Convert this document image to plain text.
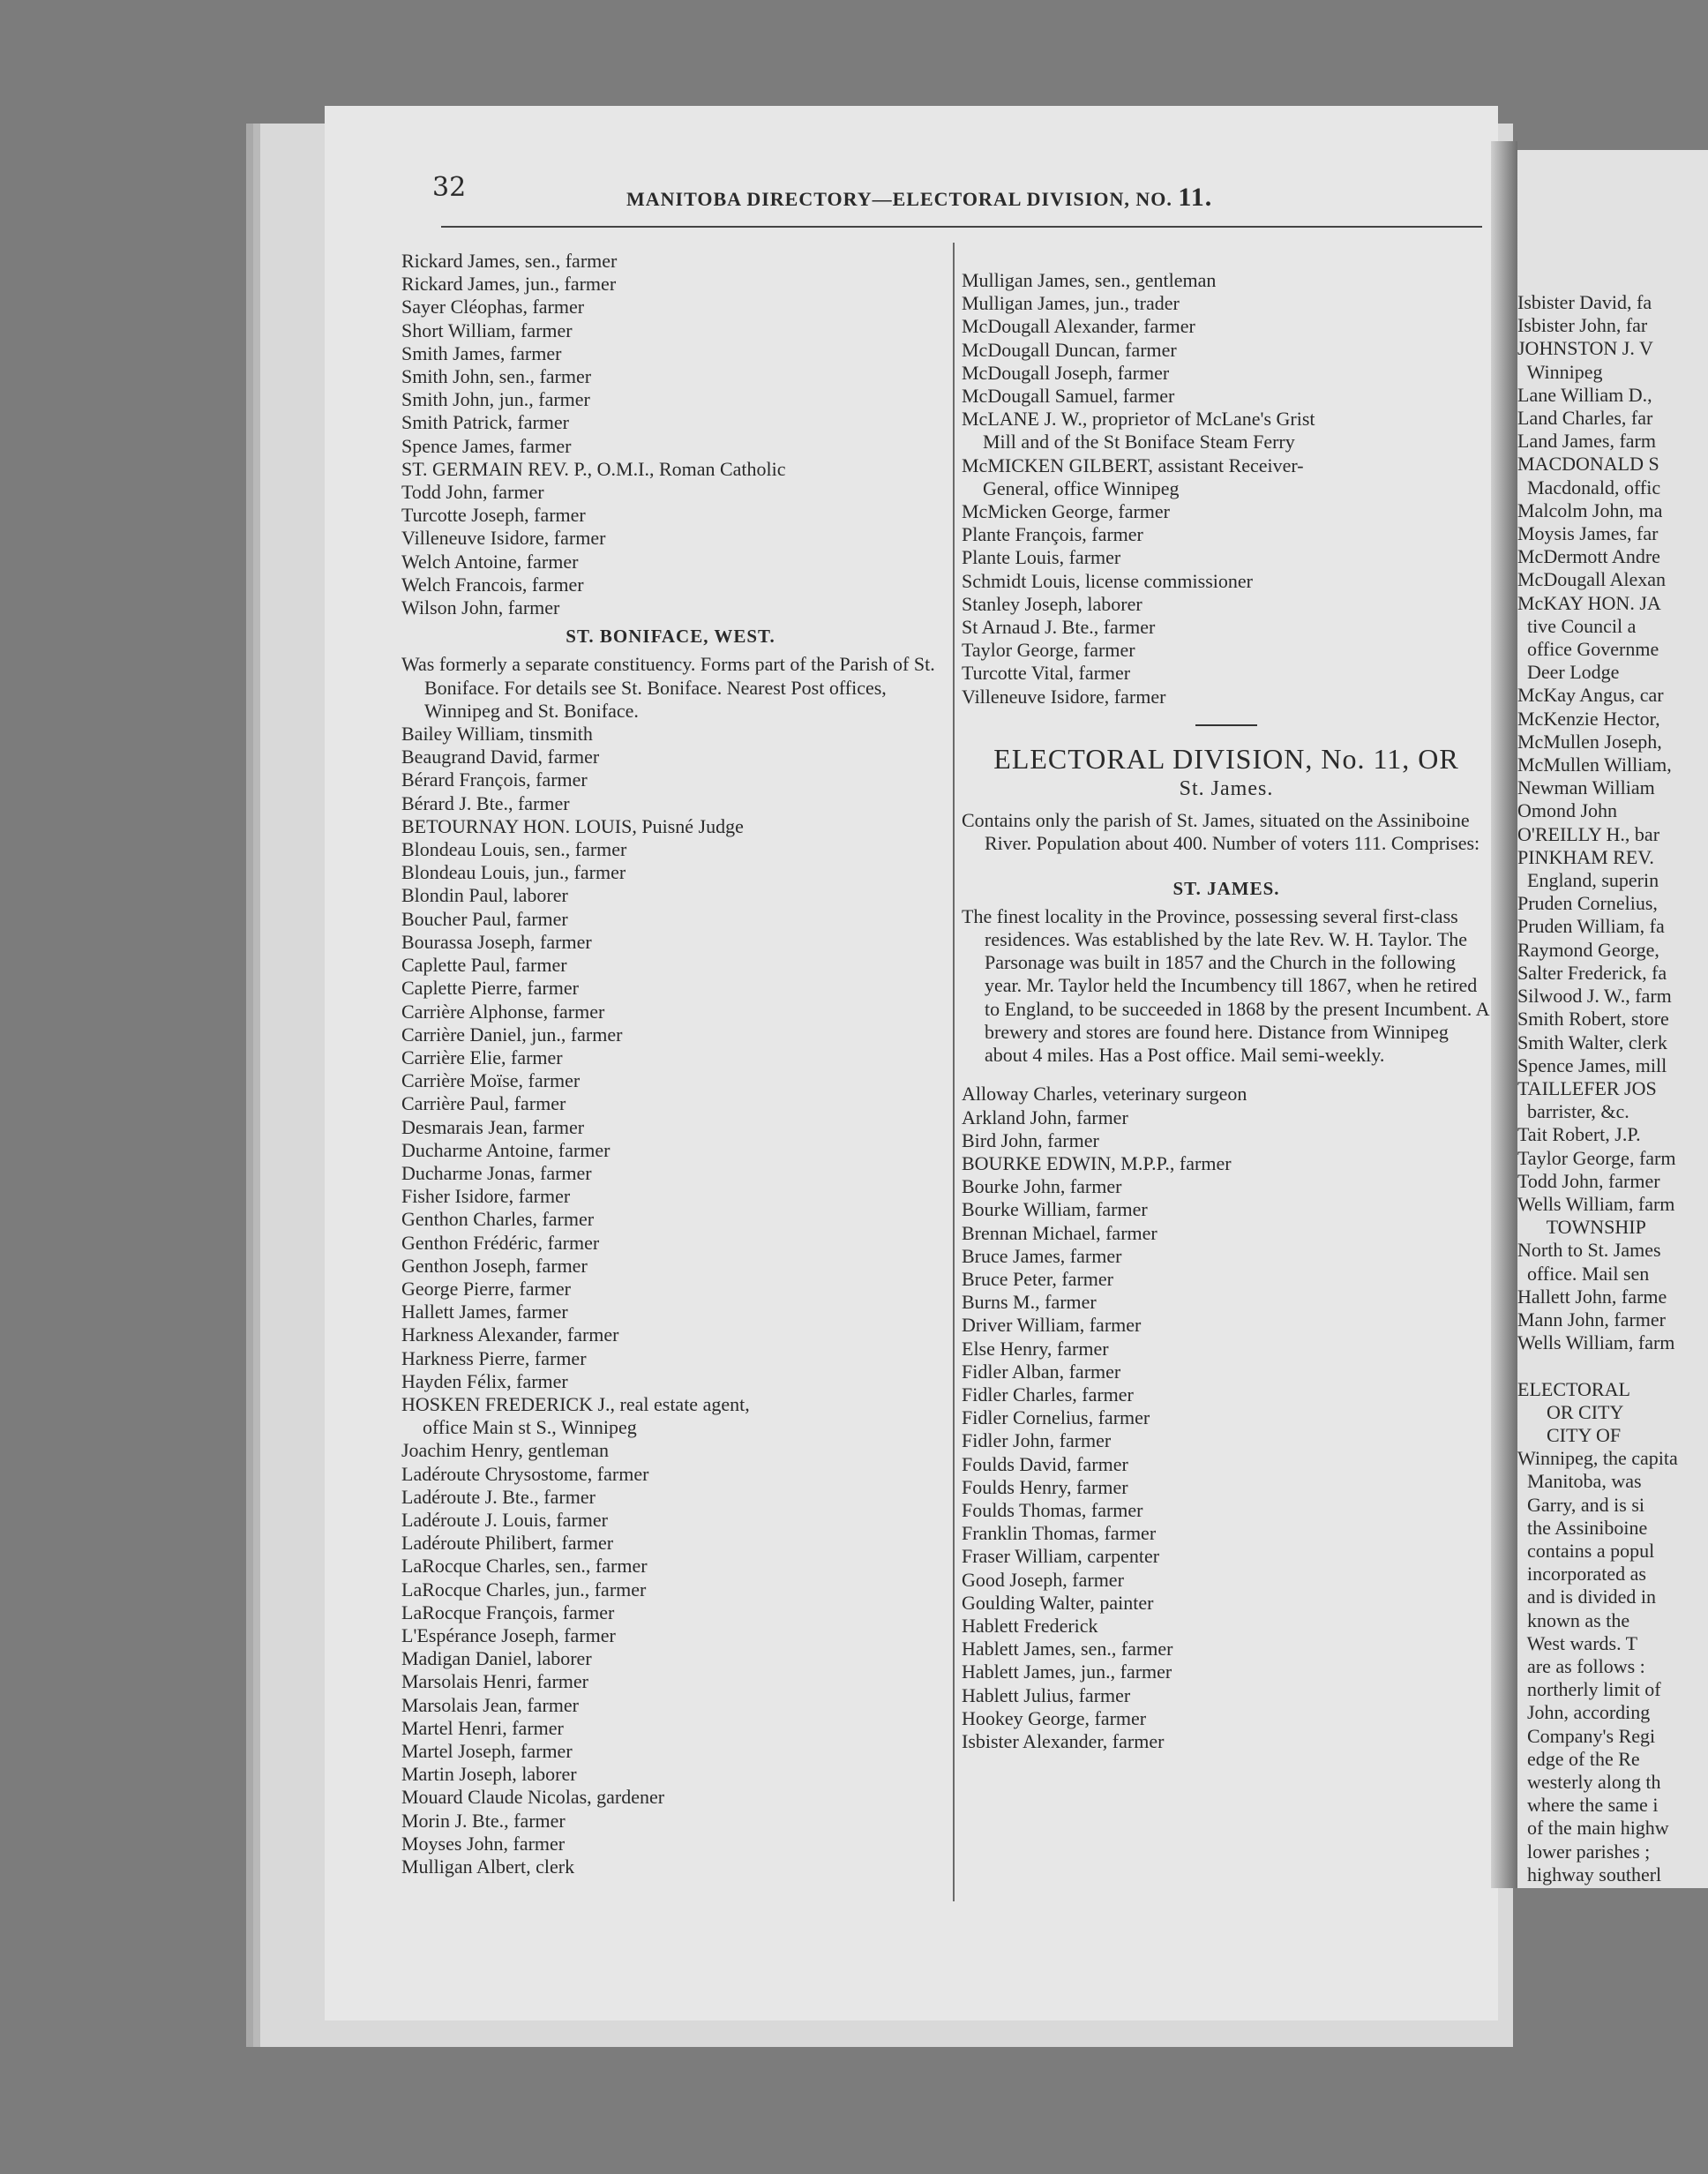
32	MANITOBA DIRECTORY—ELECTORAL DIVISION, NO. 11.
Rickard James, sen., farmer
Rickard James, jun., farmer
Sayer Cléophas, farmer
Short William, farmer
Smith James, farmer
Smith John, sen., farmer
Smith John, jun., farmer
Smith Patrick, farmer
Spence James, farmer
ST. GERMAIN REV. P., O.M.I., Roman Catholic
Todd John, farmer
Turcotte Joseph, farmer
Villeneuve Isidore, farmer
Welch Antoine, farmer
Welch Francois, farmer
Wilson John, farmer
ST. BONIFACE, WEST.
Was formerly a separate constituency. Forms part of the Parish of St. Boniface. For details see St. Boniface. Nearest Post offices, Winnipeg and St. Boniface.
Bailey William, tinsmith
Beaugrand David, farmer
Bérard François, farmer
Bérard J. Bte., farmer
BETOURNAY HON. LOUIS, Puisné Judge
Blondeau Louis, sen., farmer
Blondeau Louis, jun., farmer
Blondin Paul, laborer
Boucher Paul, farmer
Bourassa Joseph, farmer
Caplette Paul, farmer
Caplette Pierre, farmer
Carrière Alphonse, farmer
Carrière Daniel, jun., farmer
Carrière Elie, farmer
Carrière Moïse, farmer
Carrière Paul, farmer
Desmarais Jean, farmer
Ducharme Antoine, farmer
Ducharme Jonas, farmer
Fisher Isidore, farmer
Genthon Charles, farmer
Genthon Frédéric, farmer
Genthon Joseph, farmer
George Pierre, farmer
Hallett James, farmer
Harkness Alexander, farmer
Harkness Pierre, farmer
Hayden Félix, farmer
HOSKEN FREDERICK J., real estate agent,
office Main st S., Winnipeg
Joachim Henry, gentleman
Ladéroute Chrysostome, farmer
Ladéroute J. Bte., farmer
Ladéroute J. Louis, farmer
Ladéroute Philibert, farmer
LaRocque Charles, sen., farmer
LaRocque Charles, jun., farmer
LaRocque François, farmer
L'Espérance Joseph, farmer
Madigan Daniel, laborer
Marsolais Henri, farmer
Marsolais Jean, farmer
Martel Henri, farmer
Martel Joseph, farmer
Martin Joseph, laborer
Mouard Claude Nicolas, gardener
Morin J. Bte., farmer
Moyses John, farmer
Mulligan Albert, clerk
Mulligan James, sen., gentleman
Mulligan James, jun., trader
McDougall Alexander, farmer
McDougall Duncan, farmer
McDougall Joseph, farmer
McDougall Samuel, farmer
McLANE J. W., proprietor of McLane's Grist
Mill and of the St Boniface Steam Ferry
McMICKEN GILBERT, assistant Receiver-
General, office Winnipeg
McMicken George, farmer
Plante François, farmer
Plante Louis, farmer
Schmidt Louis, license commissioner
Stanley Joseph, laborer
St Arnaud J. Bte., farmer
Taylor George, farmer
Turcotte Vital, farmer
Villeneuve Isidore, farmer
ELECTORAL DIVISION, No. 11, OR
St. James.
Contains only the parish of St. James, situated on the Assiniboine River. Population about 400. Number of voters 111. Comprises:
ST. JAMES.
The finest locality in the Province, possessing several first-class residences. Was established by the late Rev. W. H. Taylor. The Parsonage was built in 1857 and the Church in the following year. Mr. Taylor held the Incumbency till 1867, when he retired to England, to be succeeded in 1868 by the present Incumbent. A brewery and stores are found here. Distance from Winnipeg about 4 miles. Has a Post office. Mail semi-weekly.
Alloway Charles, veterinary surgeon
Arkland John, farmer
Bird John, farmer
BOURKE EDWIN, M.P.P., farmer
Bourke John, farmer
Bourke William, farmer
Brennan Michael, farmer
Bruce James, farmer
Bruce Peter, farmer
Burns M., farmer
Driver William, farmer
Else Henry, farmer
Fidler Alban, farmer
Fidler Charles, farmer
Fidler Cornelius, farmer
Fidler John, farmer
Foulds David, farmer
Foulds Henry, farmer
Foulds Thomas, farmer
Franklin Thomas, farmer
Fraser William, carpenter
Good Joseph, farmer
Goulding Walter, painter
Hablett Frederick
Hablett James, sen., farmer
Hablett James, jun., farmer
Hablett Julius, farmer
Hookey George, farmer
Isbister Alexander, farmer
Isbister David, fa
Isbister John, far
JOHNSTON J. V
Winnipeg
Lane William D.,
Land Charles, far
Land James, farm
MACDONALD S
Macdonald, offic
Malcolm John, ma
Moysis James, far
McDermott Andre
McDougall Alexan
McKAY HON. JA
tive Council a
office Governme
Deer Lodge
McKay Angus, car
McKenzie Hector,
McMullen Joseph,
McMullen William,
Newman William
Omond John
O'REILLY H., bar
PINKHAM REV.
England, superin
Pruden Cornelius,
Pruden William, fa
Raymond George,
Salter Frederick, fa
Silwood J. W., farm
Smith Robert, store
Smith Walter, clerk
Spence James, mill
TAILLEFER JOS
barrister, &c.
Tait Robert, J.P.
Taylor George, farm
Todd John, farmer
Wells William, farm
TOWNSHIP
North to St. James
office. Mail sen
Hallett John, farme
Mann John, farmer
Wells William, farm

ELECTORAL
OR CITY
CITY OF
Winnipeg, the capita
Manitoba, was
Garry, and is si
the Assiniboine
contains a popul
incorporated as
and is divided in
known as the
West wards. T
are as follows :
northerly limit of
John, according
Company's Regi
edge of the Re
westerly along th
where the same i
of the main highw
lower parishes ;
highway southerl
